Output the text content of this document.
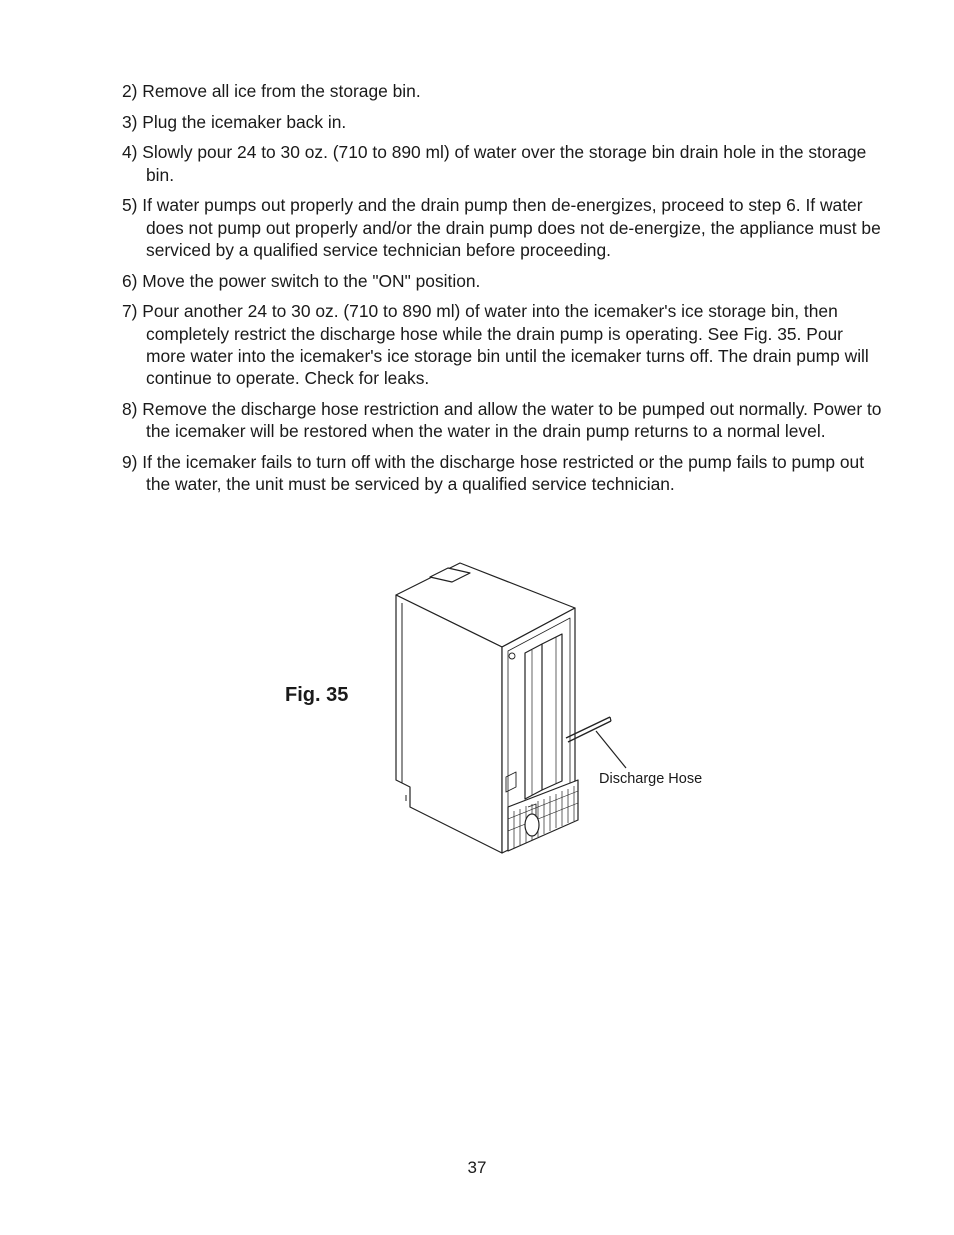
2) Remove all ice from the storage bin.
3) Plug the icemaker back in.
4) Slowly pour 24 to 30 oz. (710 to 890 ml) of water over the storage bin drain hole in the storage bin.
5) If water pumps out properly and the drain pump then de-energizes, proceed to step 6. If water does not pump out properly and/or the drain pump does not de-energize, the appliance must be serviced by a qualified service technician before proceeding.
6) Move the power switch to the "ON" position.
7) Pour another 24 to 30 oz. (710 to 890 ml) of water into the icemaker's ice storage bin, then completely restrict the discharge hose while the drain pump is operating. See Fig. 35. Pour more water into the icemaker's ice storage bin until the icemaker turns off. The drain pump will continue to operate. Check for leaks.
8) Remove the discharge hose restriction and allow the water to be pumped out normally. Power to the icemaker will be restored when the water in the drain pump returns to a normal level.
9) If the icemaker fails to turn off with the discharge hose restricted or the pump fails to pump out the water, the unit must be serviced by a qualified service technician.
Fig. 35
Discharge Hose
37
